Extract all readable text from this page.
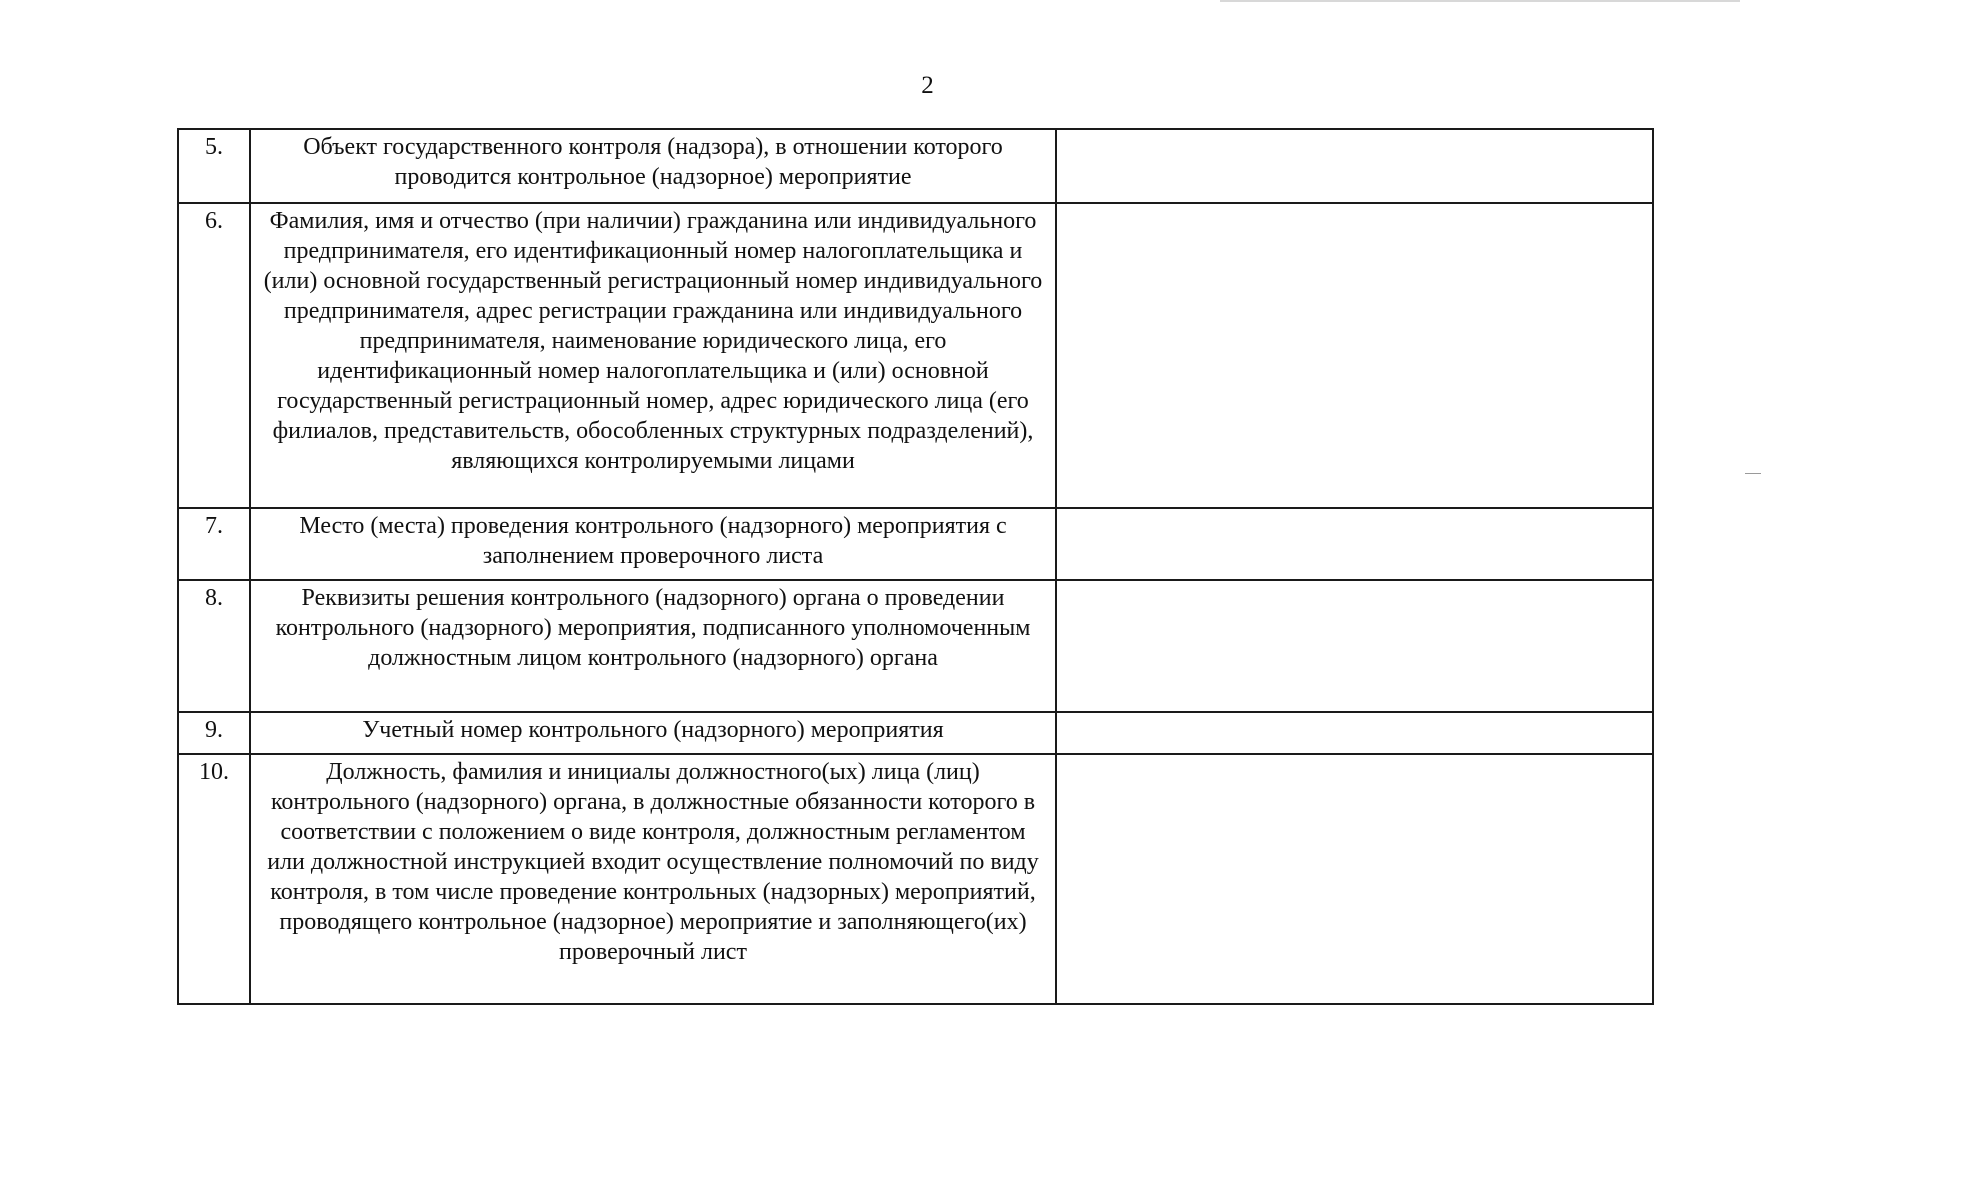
2
5.	Объект государственного контроля (надзора), в отношении которого проводится контрольное (надзорное) мероприятие	
6.	Фамилия, имя и отчество (при наличии) гражданина или индивидуального предпринимателя, его идентификационный номер налогоплательщика и (или) основной государственный регистрационный номер индивидуального предпринимателя, адрес регистрации гражданина или индивидуального предпринимателя, наименование юридического лица, его идентификационный номер налогоплательщика и (или) основной государственный регистрационный номер, адрес юридического лица (его филиалов, представительств, обособленных структурных подразделений), являющихся контролируемыми лицами	
7.	Место (места) проведения контрольного (надзорного) мероприятия с заполнением проверочного листа	
8.	Реквизиты решения контрольного (надзорного) органа о проведении контрольного (надзорного) мероприятия, подписанного уполномоченным должностным лицом контрольного (надзорного) органа	
9.	Учетный номер контрольного (надзорного) мероприятия	
10.	Должность, фамилия и инициалы должностного(ых) лица (лиц) контрольного (надзорного) органа, в должностные обязанности которого в соответствии с положением о виде контроля, должностным регламентом или должностной инструкцией входит осуществление полномочий по виду контроля, в том числе проведение контрольных (надзорных) мероприятий, проводящего контрольное (надзорное) мероприятие и заполняющего(их) проверочный лист	
